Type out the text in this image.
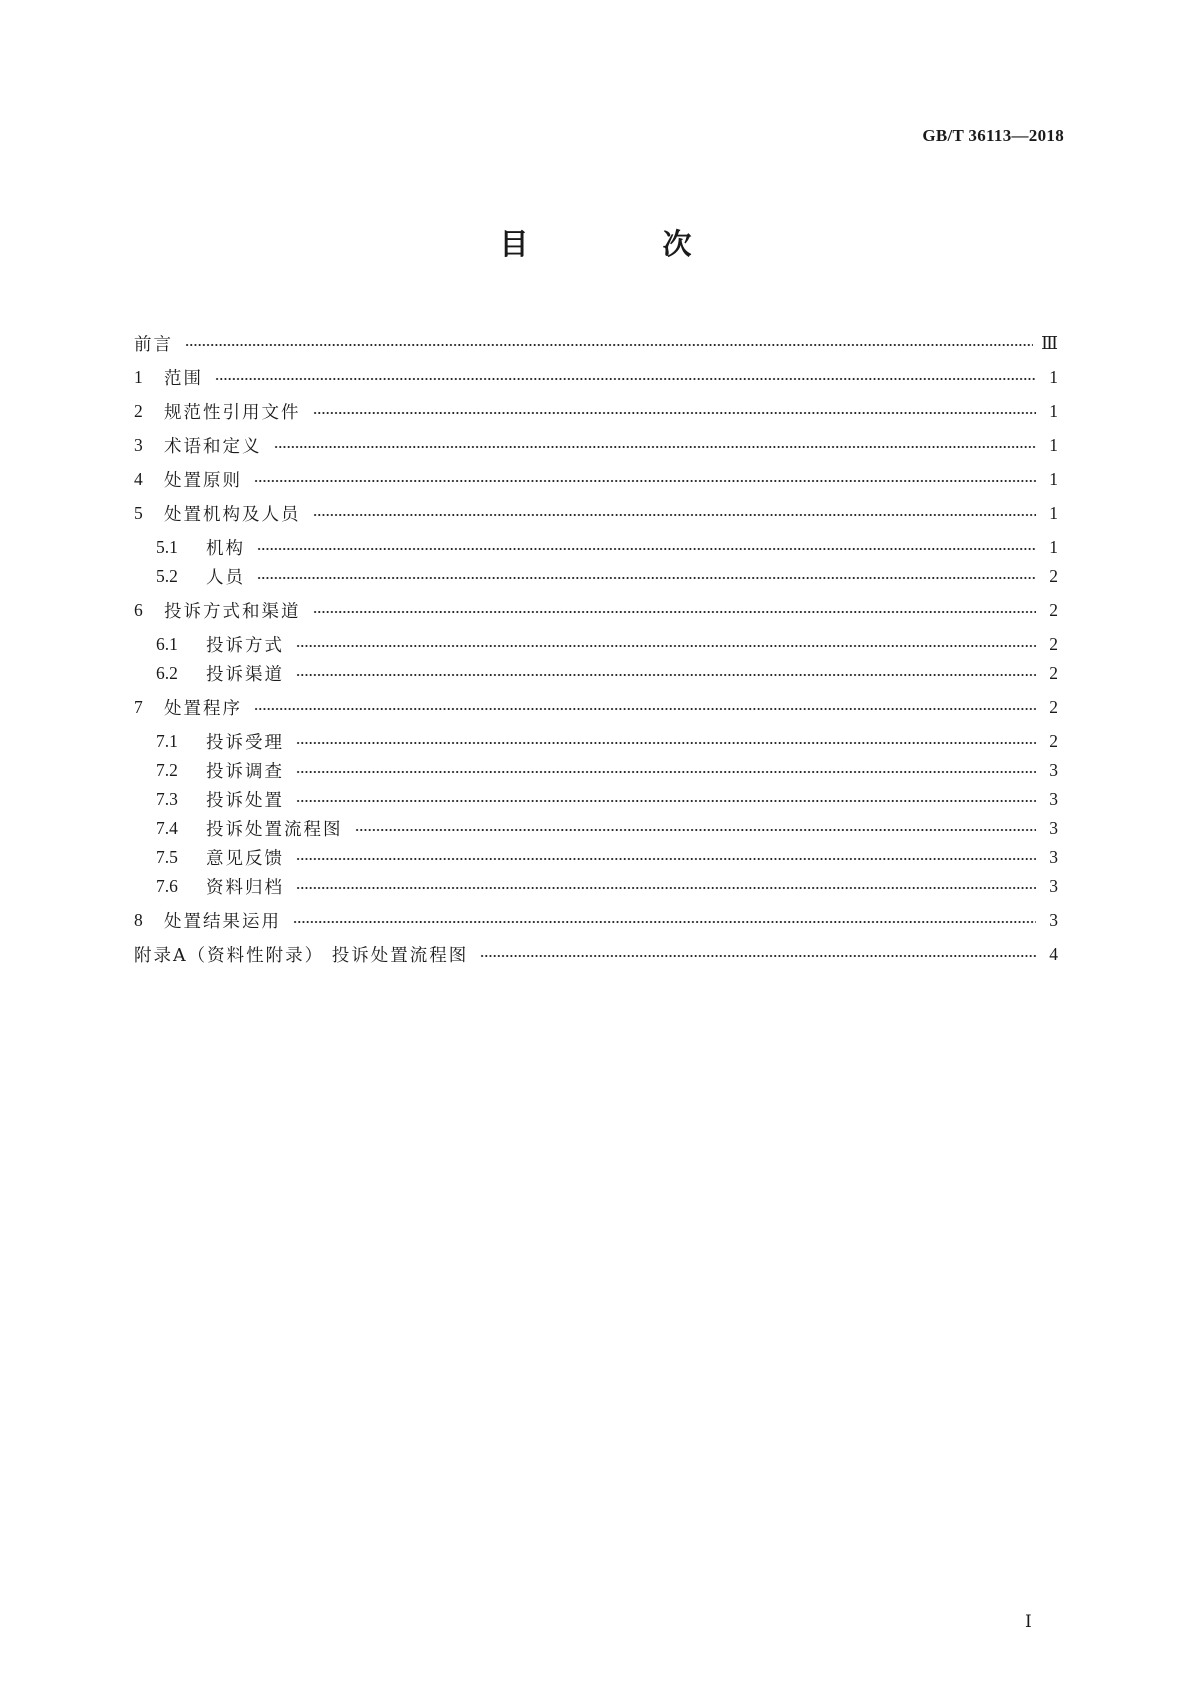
GB/T 36113—2018
目 次
前言	Ⅲ
1	范围	1
2	规范性引用文件	1
3	术语和定义	1
4	处置原则	1
5	处置机构及人员	1
5.1	机构	1
5.2	人员	2
6	投诉方式和渠道	2
6.1	投诉方式	2
6.2	投诉渠道	2
7	处置程序	2
7.1	投诉受理	2
7.2	投诉调查	3
7.3	投诉处置	3
7.4	投诉处置流程图	3
7.5	意见反馈	3
7.6	资料归档	3
8	处置结果运用	3
附录A（资料性附录） 投诉处置流程图	4
Ⅰ
